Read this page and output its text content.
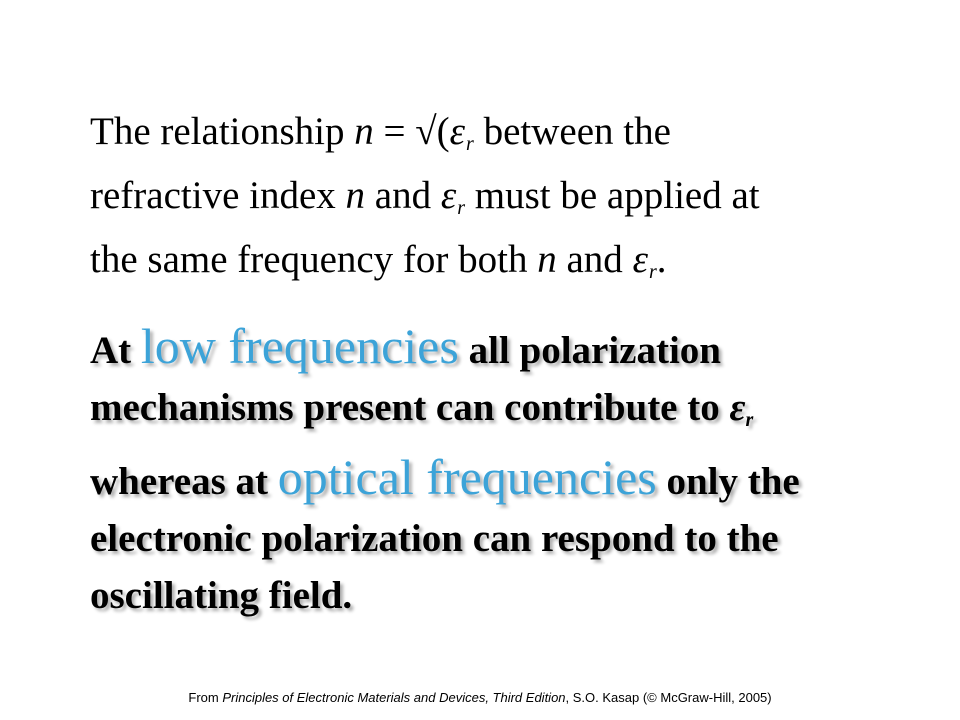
The relationship $n = √(\varepsilon_r$ between the
refractive index n and $\varepsilon_r$ must be applied at
the same frequency for both n and $\varepsilon_r$.
At low frequencies all polarization
mechanisms present can contribute to $\varepsilon_r$
whereas at optical frequencies only the
electronic polarization can respond to the
oscillating field.
From Principles of Electronic Materials and Devices, Third Edition, S.O. Kasap (© McGraw-Hill, 2005)
